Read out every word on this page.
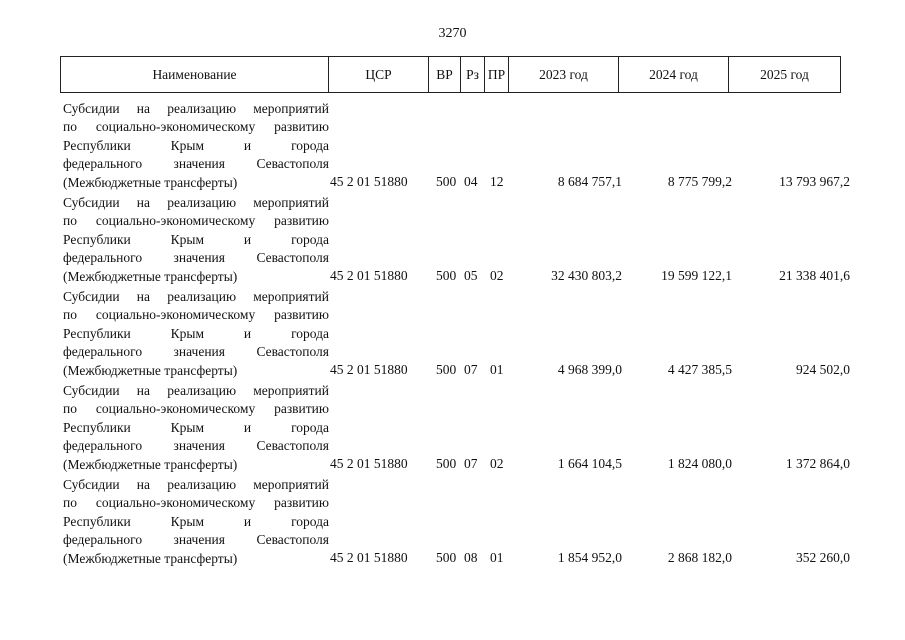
3270
Наименование	ЦСР	ВР Рз ПР	2023 год	2024 год	2025 год
Субсидии на реализацию мероприятий
по социально-экономическому развитию
Республики Крым и города
федерального значения Севастополя
(Межбюджетные трансферты)	45 2 01 51880 500 04 12	8 684 757,1	8 775 799,2	13 793 967,2
Субсидии на реализацию мероприятий
по социально-экономическому развитию
Республики Крым и города
федерального значения Севастополя
(Межбюджетные трансферты)	45 2 01 51880 500 05 02	32 430 803,2	19 599 122,1	21 338 401,6
Субсидии на реализацию мероприятий
по социально-экономическому развитию
Республики Крым и города
федерального значения Севастополя
(Межбюджетные трансферты)	45 2 01 51880 500 07 01	4 968 399,0	4 427 385,5	924 502,0
Субсидии на реализацию мероприятий
по социально-экономическому развитию
Республики Крым и города
федерального значения Севастополя
(Межбюджетные трансферты)	45 2 01 51880 500 07 02	1 664 104,5	1 824 080,0	1 372 864,0
Субсидии на реализацию мероприятий
по социально-экономическому развитию
Республики Крым и города
федерального значения Севастополя
(Межбюджетные трансферты)	45 2 01 51880 500 08 01	1 854 952,0	2 868 182,0	352 260,0
